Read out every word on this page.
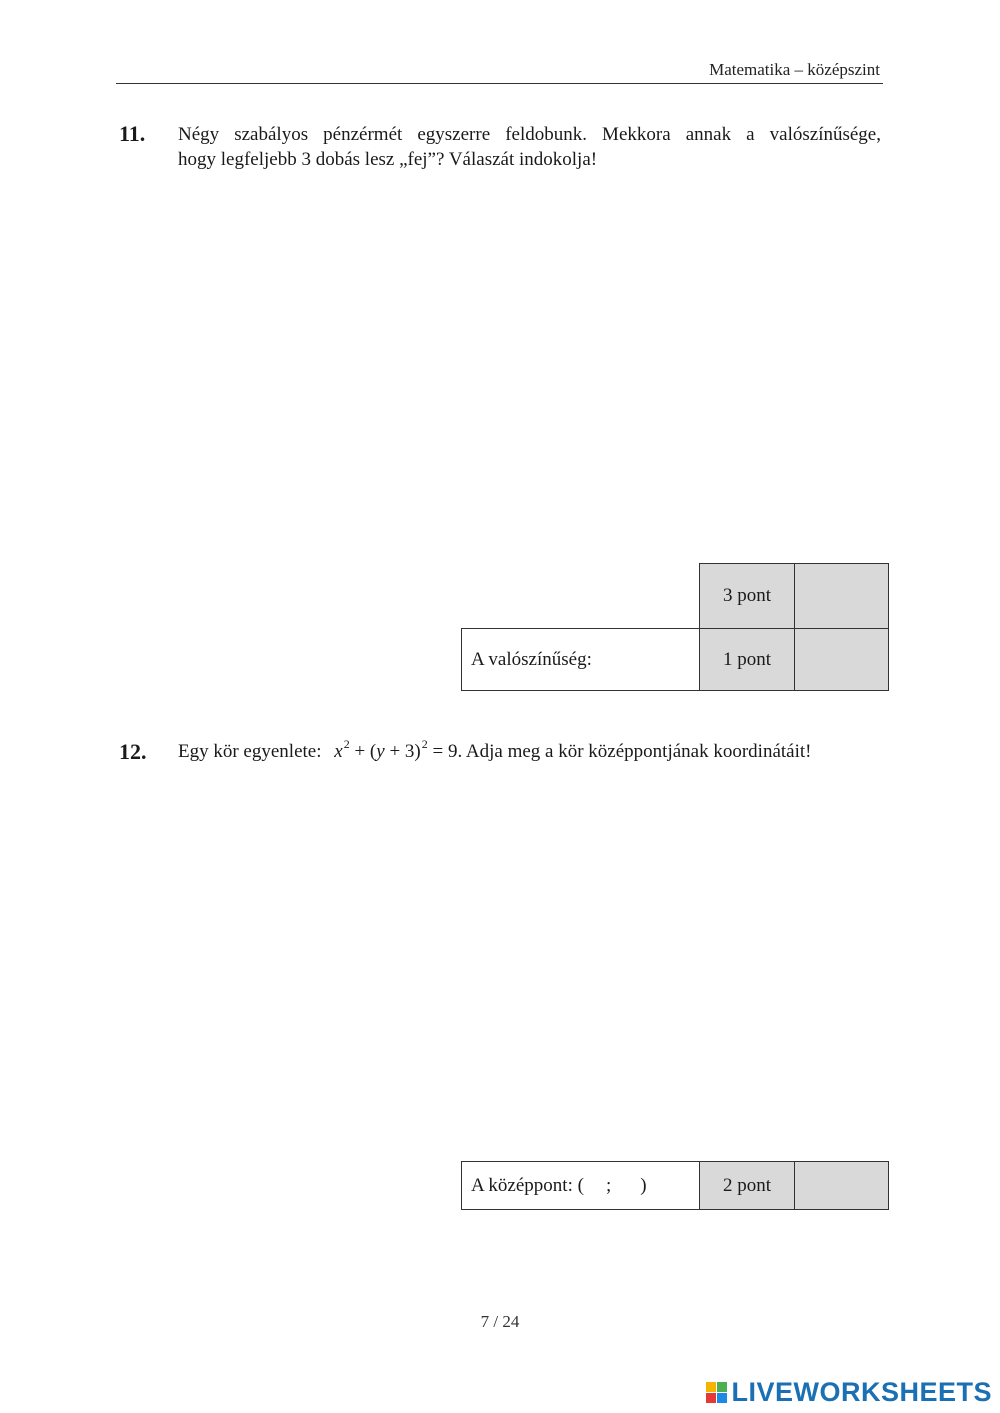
Matematika – középszint
11. Négy szabályos pénzérmét egyszerre feldobunk. Mekkora annak a valószínűsége,
hogy legfeljebb 3 dobás lesz „fej”? Válaszát indokolja!
3 pont
A valószínűség:	1 pont
12. Egy kör egyenlete: $x^2 + (y + 3)^2 = 9$. Adja meg a kör középpontjának koordinátáit!
A középpont: ( ; )	2 pont
7 / 24
LIVEWORKSHEETS
